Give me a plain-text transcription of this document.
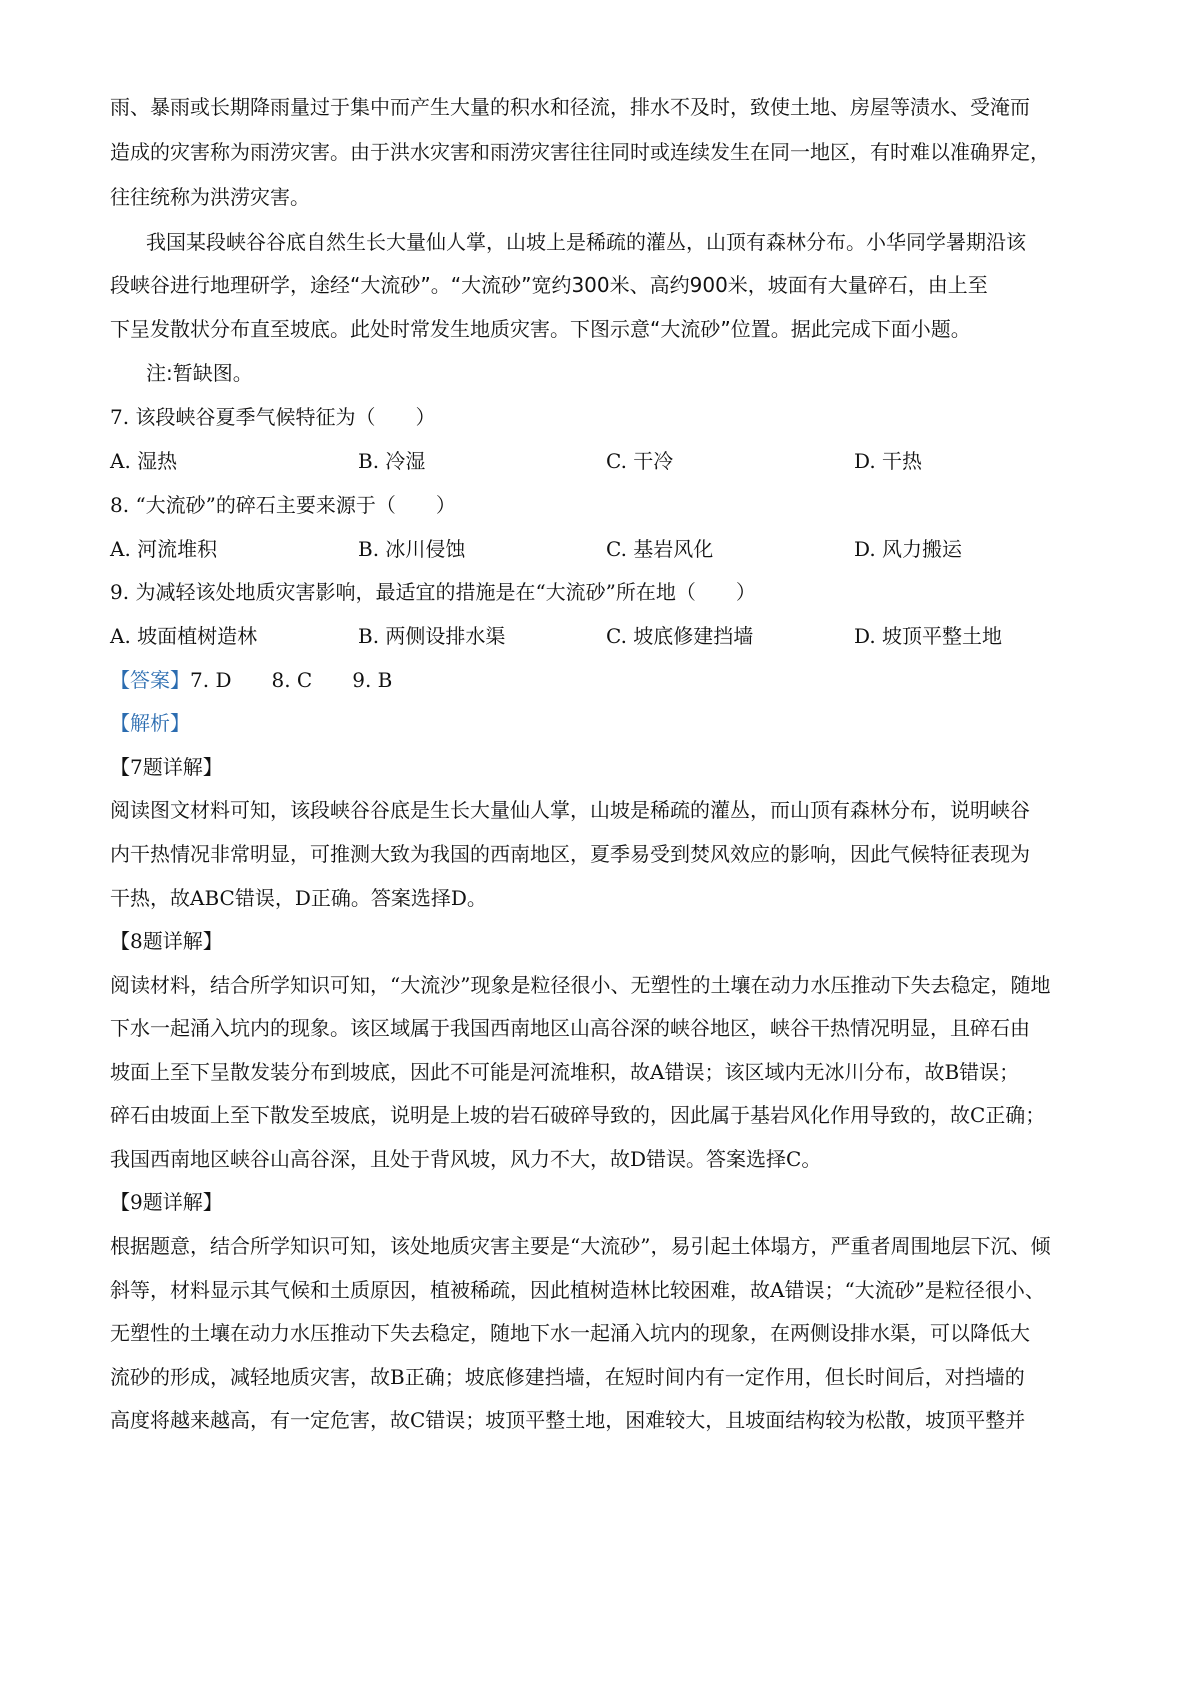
雨、暴雨或长期降雨量过于集中而产生大量的积水和径流，排水不及时，致使土地、房屋等渍水、受淹而
造成的灾害称为雨涝灾害。由于洪水灾害和雨涝灾害往往同时或连续发生在同一地区，有时难以准确界定，
往往统称为洪涝灾害。
我国某段峡谷谷底自然生长大量仙人掌，山坡上是稀疏的灌丛，山顶有森林分布。小华同学暑期沿该
段峡谷进行地理研学，途经“大流砂”。“大流砂”宽约300米、高约900米，坡面有大量碎石，由上至
下呈发散状分布直至坡底。此处时常发生地质灾害。下图示意“大流砂”位置。据此完成下面小题。
注:暂缺图。
7. 该段峡谷夏季气候特征为（　　）
A. 湿热	B. 冷湿	C. 干冷	D. 干热
8. “大流砂”的碎石主要来源于（　　）
A. 河流堆积	B. 冰川侵蚀	C. 基岩风化	D. 风力搬运
9. 为减轻该处地质灾害影响，最适宜的措施是在“大流砂”所在地（　　）
A. 坡面植树造林	B. 两侧设排水渠	C. 坡底修建挡墙	D. 坡顶平整土地
【答案】7. D 8. C 9. B
【解析】
【7题详解】
阅读图文材料可知，该段峡谷谷底是生长大量仙人掌，山坡是稀疏的灌丛，而山顶有森林分布，说明峡谷
内干热情况非常明显，可推测大致为我国的西南地区，夏季易受到焚风效应的影响，因此气候特征表现为
干热，故ABC错误，D正确。答案选择D。
【8题详解】
阅读材料，结合所学知识可知，“大流沙”现象是粒径很小、无塑性的土壤在动力水压推动下失去稳定，随地
下水一起涌入坑内的现象。该区域属于我国西南地区山高谷深的峡谷地区，峡谷干热情况明显，且碎石由
坡面上至下呈散发装分布到坡底，因此不可能是河流堆积，故A错误；该区域内无冰川分布，故B错误；
碎石由坡面上至下散发至坡底，说明是上坡的岩石破碎导致的，因此属于基岩风化作用导致的，故C正确；
我国西南地区峡谷山高谷深，且处于背风坡，风力不大，故D错误。答案选择C。
【9题详解】
根据题意，结合所学知识可知，该处地质灾害主要是“大流砂”，易引起土体塌方，严重者周围地层下沉、倾
斜等，材料显示其气候和土质原因，植被稀疏，因此植树造林比较困难，故A错误；“大流砂”是粒径很小、
无塑性的土壤在动力水压推动下失去稳定，随地下水一起涌入坑内的现象，在两侧设排水渠，可以降低大
流砂的形成，减轻地质灾害，故B正确；坡底修建挡墙，在短时间内有一定作用，但长时间后，对挡墙的
高度将越来越高，有一定危害，故C错误；坡顶平整土地，困难较大，且坡面结构较为松散，坡顶平整并
